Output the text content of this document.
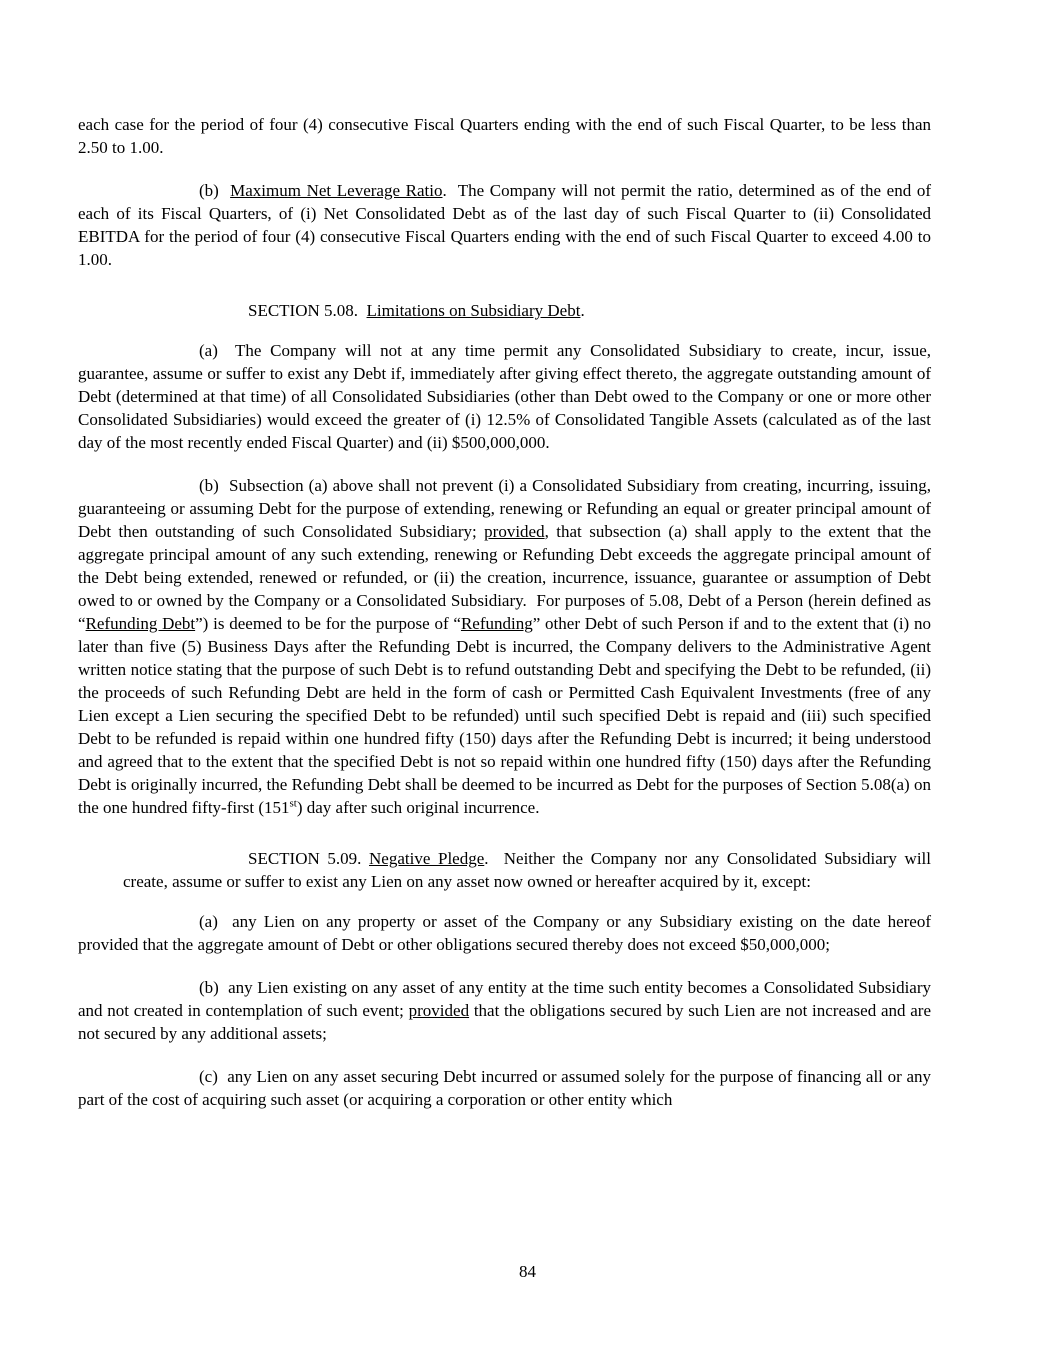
each case for the period of four (4) consecutive Fiscal Quarters ending with the end of such Fiscal Quarter, to be less than 2.50 to 1.00.

(b)  Maximum Net Leverage Ratio.  The Company will not permit the ratio, determined as of the end of each of its Fiscal Quarters, of (i) Net Consolidated Debt as of the last day of such Fiscal Quarter to (ii) Consolidated EBITDA for the period of four (4) consecutive Fiscal Quarters ending with the end of such Fiscal Quarter to exceed 4.00 to 1.00.

SECTION 5.08.  Limitations on Subsidiary Debt.

(a)  The Company will not at any time permit any Consolidated Subsidiary to create, incur, issue, guarantee, assume or suffer to exist any Debt if, immediately after giving effect thereto, the aggregate outstanding amount of Debt (determined at that time) of all Consolidated Subsidiaries (other than Debt owed to the Company or one or more other Consolidated Subsidiaries) would exceed the greater of (i) 12.5% of Consolidated Tangible Assets (calculated as of the last day of the most recently ended Fiscal Quarter) and (ii) $500,000,000.

(b)  Subsection (a) above shall not prevent (i) a Consolidated Subsidiary from creating, incurring, issuing, guaranteeing or assuming Debt for the purpose of extending, renewing or Refunding an equal or greater principal amount of Debt then outstanding of such Consolidated Subsidiary; provided, that subsection (a) shall apply to the extent that the aggregate principal amount of any such extending, renewing or Refunding Debt exceeds the aggregate principal amount of the Debt being extended, renewed or refunded, or (ii) the creation, incurrence, issuance, guarantee or assumption of Debt owed to or owned by the Company or a Consolidated Subsidiary.  For purposes of 5.08, Debt of a Person (herein defined as “Refunding Debt”) is deemed to be for the purpose of “Refunding” other Debt of such Person if and to the extent that (i) no later than five (5) Business Days after the Refunding Debt is incurred, the Company delivers to the Administrative Agent written notice stating that the purpose of such Debt is to refund outstanding Debt and specifying the Debt to be refunded, (ii) the proceeds of such Refunding Debt are held in the form of cash or Permitted Cash Equivalent Investments (free of any Lien except a Lien securing the specified Debt to be refunded) until such specified Debt is repaid and (iii) such specified Debt to be refunded is repaid within one hundred fifty (150) days after the Refunding Debt is incurred; it being understood and agreed that to the extent that the specified Debt is not so repaid within one hundred fifty (150) days after the Refunding Debt is originally incurred, the Refunding Debt shall be deemed to be incurred as Debt for the purposes of Section 5.08(a) on the one hundred fifty-first (151st) day after such original incurrence.

SECTION 5.09. Negative Pledge.  Neither the Company nor any Consolidated Subsidiary will create, assume or suffer to exist any Lien on any asset now owned or hereafter acquired by it, except:

(a)  any Lien on any property or asset of the Company or any Subsidiary existing on the date hereof provided that the aggregate amount of Debt or other obligations secured thereby does not exceed $50,000,000;

(b)  any Lien existing on any asset of any entity at the time such entity becomes a Consolidated Subsidiary and not created in contemplation of such event; provided that the obligations secured by such Lien are not increased and are not secured by any additional assets;

(c)  any Lien on any asset securing Debt incurred or assumed solely for the purpose of financing all or any part of the cost of acquiring such asset (or acquiring a corporation or other entity which

84
